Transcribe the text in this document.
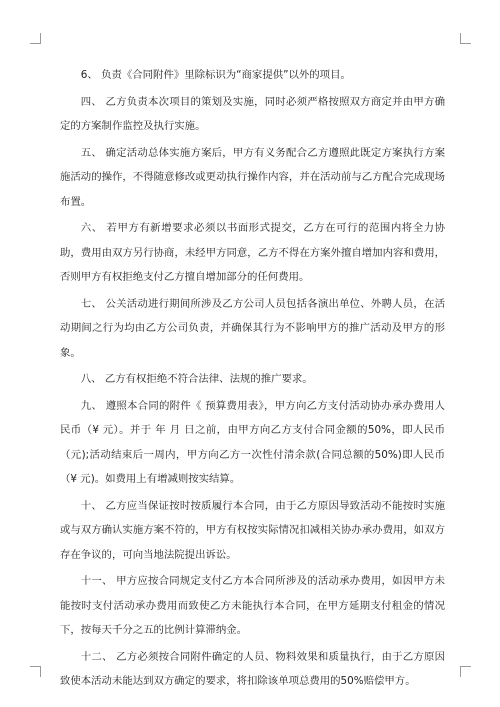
6、 负责《合同附件》里除标识为“商家提供”以外的项目。

四、 乙方负责本次项目的策划及实施，同时必须严格按照双方商定并由甲方确定的方案制作监控及执行实施。

五、 确定活动总体实施方案后，甲方有义务配合乙方遵照此既定方案执行方案施活动的操作，不得随意修改或更动执行操作内容，并在活动前与乙方配合完成现场布置。

六、 若甲方有新增要求必须以书面形式提交，乙方在可行的范围内将全力协助，费用由双方另行协商，未经甲方同意，乙方不得在方案外擅自增加内容和费用，否则甲方有权拒绝支付乙方擅自增加部分的任何费用。

七、 公关活动进行期间所涉及乙方公司人员包括各演出单位、外聘人员，在活动期间之行为均由乙方公司负责，并确保其行为不影响甲方的推广活动及甲方的形象。

八、 乙方有权拒绝不符合法律、法规的推广要求。

九、 遵照本合同的附件《 预算费用表》，甲方向乙方支付活动协办承办费用人民币（¥ 元）。并于 年 月 日之前，由甲方向乙方支付合同金额的50%，即人民币（元);活动结束后一周内，甲方向乙方一次性付清余款(合同总额的50%)即人民币（¥ 元)。如费用上有增减则按实结算。

十、 乙方应当保证按时按质履行本合同，由于乙方原因导致活动不能按时实施或与双方确认实施方案不符的，甲方有权按实际情况扣减相关协办承办费用，如双方存在争议的，可向当地法院提出诉讼。

十一、 甲方应按合同规定支付乙方本合同所涉及的活动承办费用，如因甲方未能按时支付活动承办费用而致使乙方未能执行本合同，在甲方延期支付租金的情况下，按每天千分之五的比例计算滞纳金。

十二、 乙方必须按合同附件确定的人员、物料效果和质量执行，由于乙方原因致使本活动未能达到双方确定的要求，将扣除该单项总费用的50%赔偿甲方。
